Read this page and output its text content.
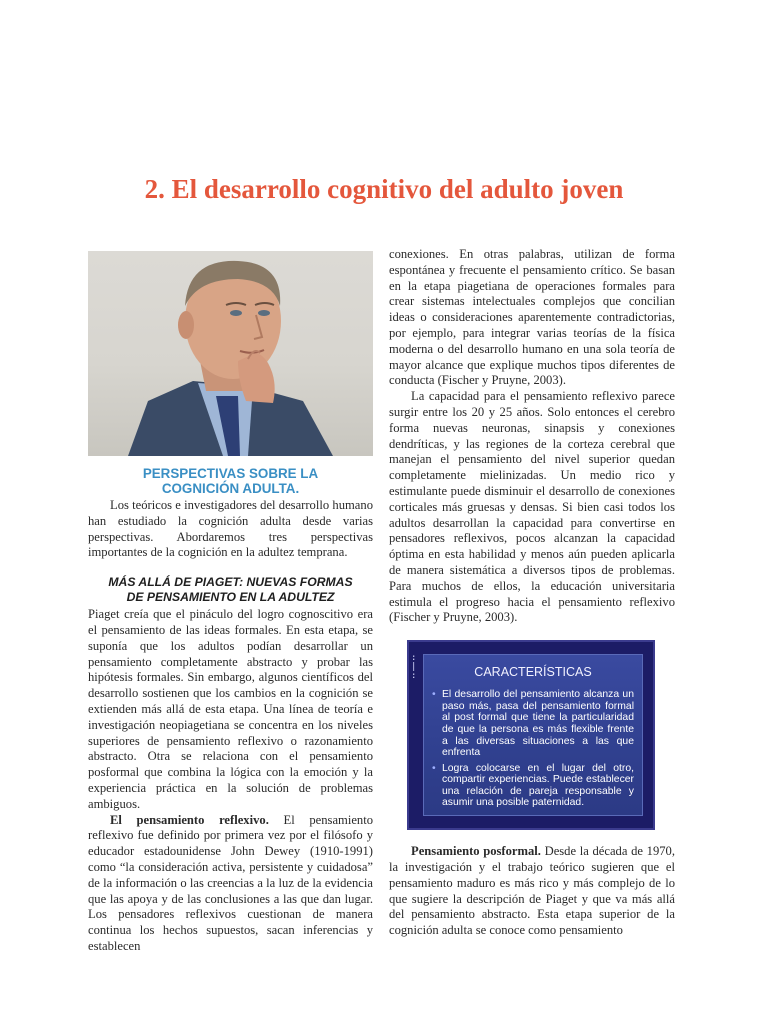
2. El desarrollo cognitivo del adulto joven
PERSPECTIVAS SOBRE LA
COGNICIÓN ADULTA.

Los teóricos e investigadores del desarrollo humano han estudiado la cognición adulta desde varias perspectivas. Abordaremos tres perspectivas importantes de la cognición en la adultez temprana.

MÁS ALLÁ DE PIAGET: NUEVAS FORMAS
DE PENSAMIENTO EN LA ADULTEZ

Piaget creía que el pináculo del logro cognoscitivo era el pensamiento de las ideas formales. En esta etapa, se suponía que los adultos podían desarrollar un pensamiento completamente abstracto y probar las hipótesis formales. Sin embargo, algunos científicos del desarrollo sostienen que los cambios en la cognición se extienden más allá de esta etapa. Una línea de teoría e investigación neopiagetiana se concentra en los niveles superiores de pensamiento reflexivo o razonamiento abstracto. Otra se relaciona con el pensamiento posformal que combina la lógica con la emoción y la experiencia práctica en la solución de problemas ambiguos.

El pensamiento reflexivo. El pensamiento reflexivo fue definido por primera vez por el filósofo y educador estadounidense John Dewey (1910-1991) como “la consideración activa, persistente y cuidadosa” de la información o las creencias a la luz de la evidencia que las apoya y de las conclusiones a las que dan lugar. Los pensadores reflexivos cuestionan de manera continua los hechos supuestos, sacan inferencias y establecen

conexiones. En otras palabras, utilizan de forma espontánea y frecuente el pensamiento crítico. Se basan en la etapa piagetiana de operaciones formales para crear sistemas intelectuales complejos que concilian ideas o consideraciones aparentemente contradictorias, por ejemplo, para integrar varias teorías de la física moderna o del desarrollo humano en una sola teoría de mayor alcance que explique muchos tipos diferentes de conducta (Fischer y Pruyne, 2003).

La capacidad para el pensamiento reflexivo parece surgir entre los 20 y 25 años. Solo entonces el cerebro forma nuevas neuronas, sinapsis y conexiones dendríticas, y las regiones de la corteza cerebral que manejan el pensamiento del nivel superior quedan completamente mielinizadas. Un medio rico y estimulante puede disminuir el desarrollo de conexiones corticales más gruesas y densas. Si bien casi todos los adultos desarrollan la capacidad para convertirse en pensadores reflexivos, pocos alcanzan la capacidad óptima en esta habilidad y menos aún pueden aplicarla de manera sistemática a diversos tipos de problemas. Para muchos de ellos, la educación universitaria estimula el progreso hacia el pensamiento reflexivo (Fischer y Pruyne, 2003).

:
|
:	CARACTERÍSTICAS
• El desarrollo del pensamiento alcanza un paso más, pasa del pensamiento formal al post formal que tiene la particularidad de que la persona es más flexible frente a las diversas situaciones a las que enfrenta
• Logra colocarse en el lugar del otro, compartir experiencias. Puede establecer una relación de pareja responsable y asumir una posible paternidad.

Pensamiento posformal. Desde la década de 1970, la investigación y el trabajo teórico sugieren que el pensamiento maduro es más rico y más complejo de lo que sugiere la descripción de Piaget y que va más allá del pensamiento abstracto. Esta etapa superior de la cognición adulta se conoce como pensamiento
